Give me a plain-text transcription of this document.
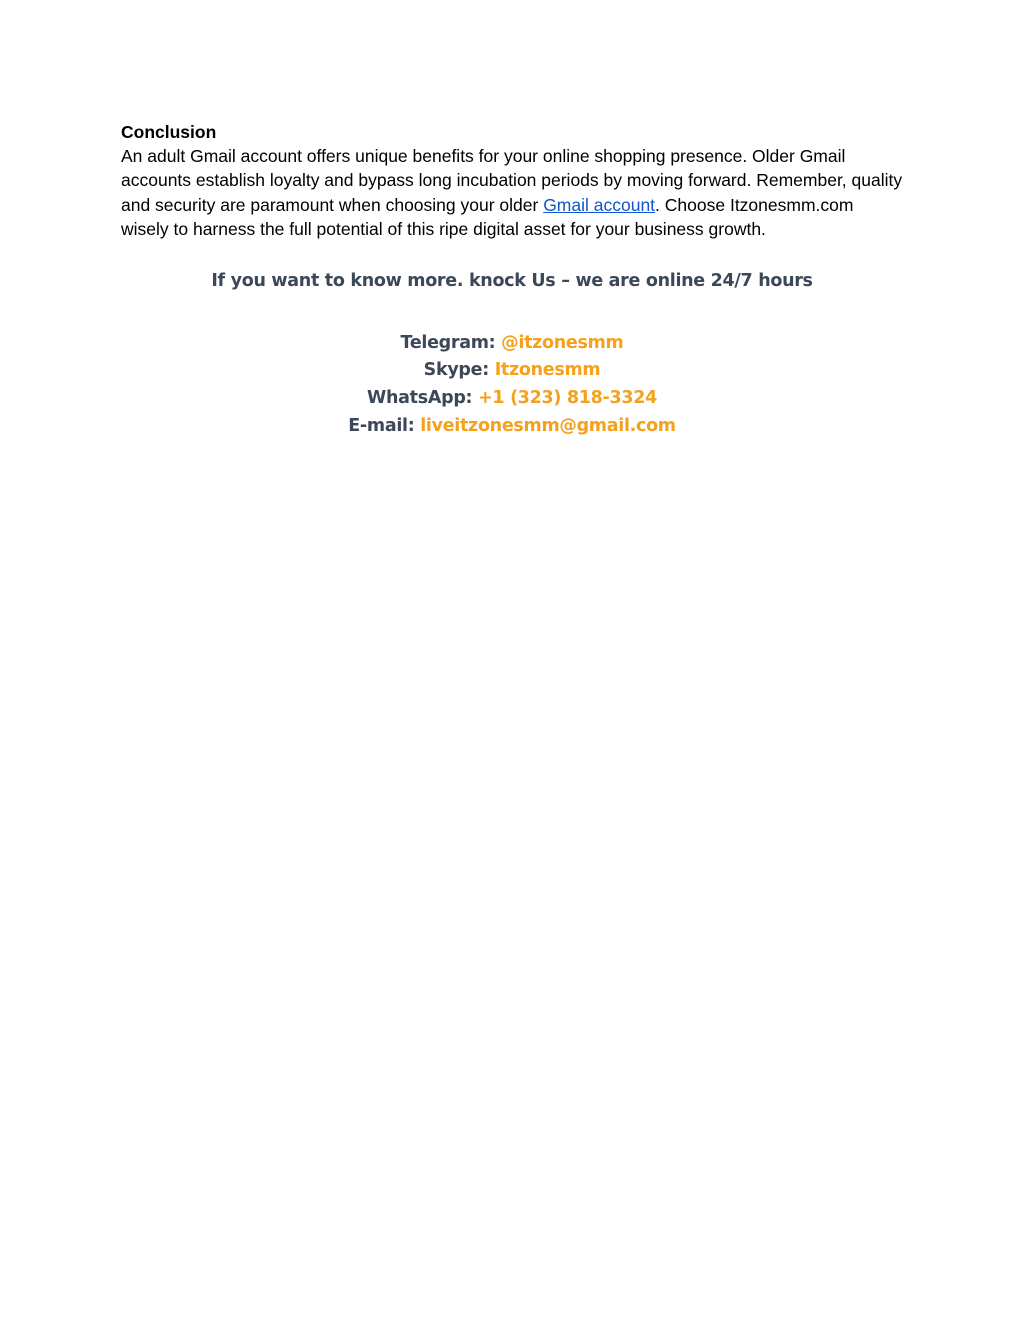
Conclusion

An adult Gmail account offers unique benefits for your online shopping presence. Older Gmail accounts establish loyalty and bypass long incubation periods by moving forward. Remember, quality and security are paramount when choosing your older Gmail account. Choose Itzonesmm.com wisely to harness the full potential of this ripe digital asset for your business growth.

If you want to know more. knock Us – we are online 24/7 hours

Telegram: @itzonesmm
Skype: Itzonesmm
WhatsApp: +1 (323) 818-3324
E-mail: liveitzonesmm@gmail.com
